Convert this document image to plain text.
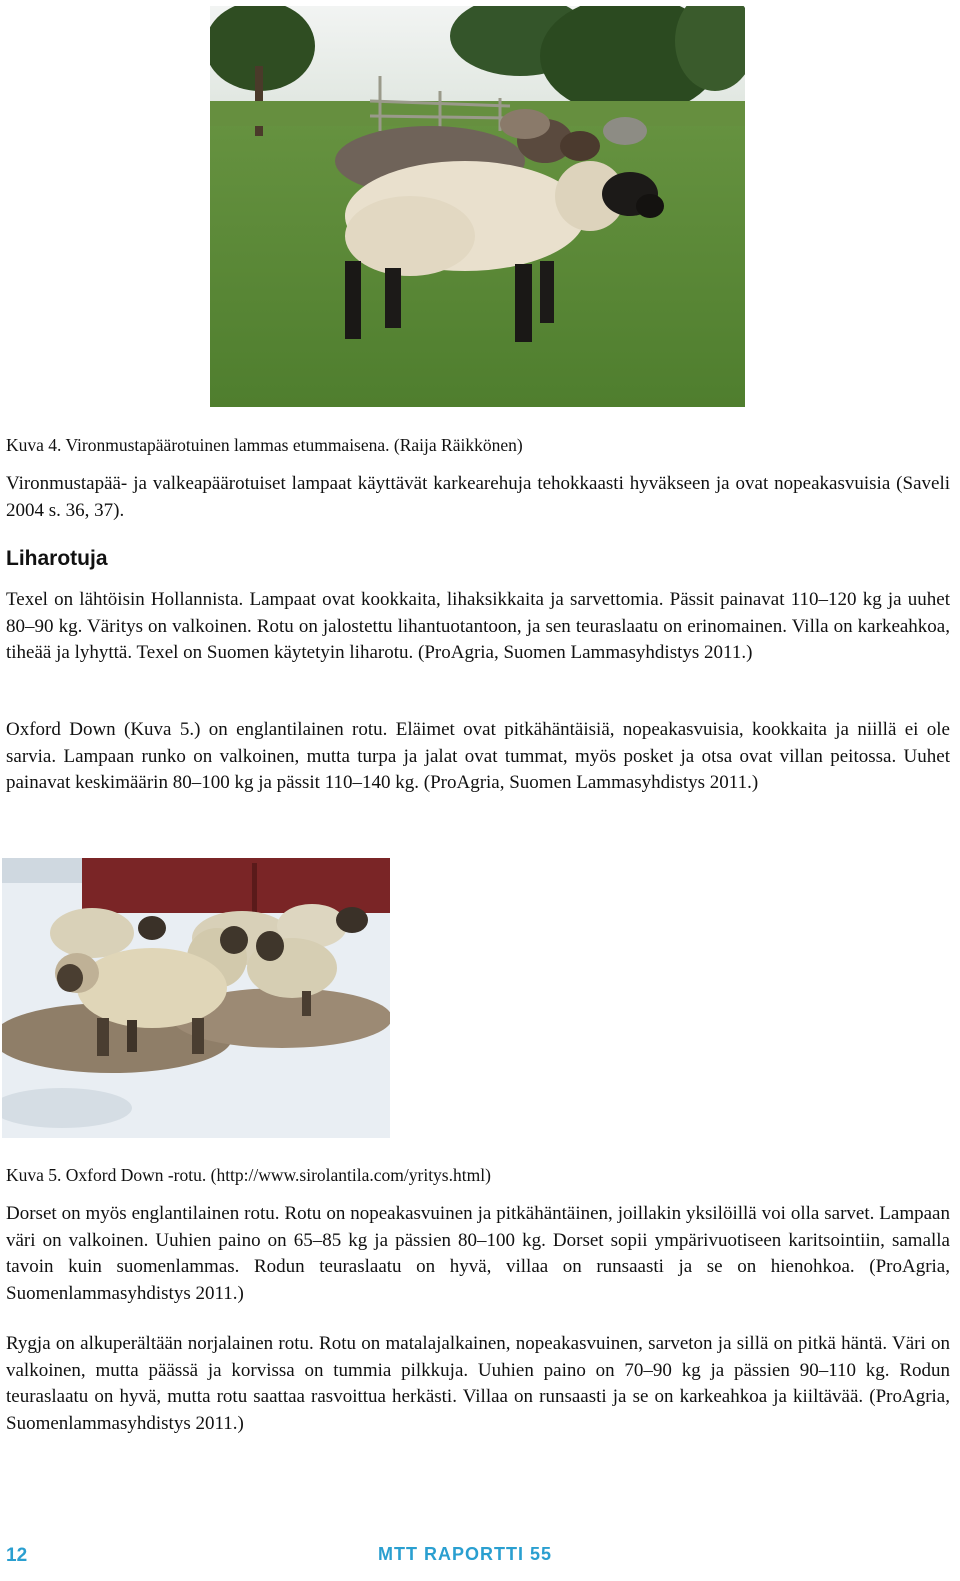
Kuva 4. Vironmustapäärotuinen lammas etummaisena. (Raija Räikkönen)

Vironmustapää- ja valkeapäärotuiset lampaat käyttävät karkearehuja tehokkaasti hyväkseen ja ovat nopeakasvuisia (Saveli 2004 s. 36, 37).

Liharotuja

Texel on lähtöisin Hollannista. Lampaat ovat kookkaita, lihaksikkaita ja sarvettomia. Pässit painavat 110–120 kg ja uuhet 80–90 kg. Väritys on valkoinen. Rotu on jalostettu lihantuotantoon, ja sen teuraslaatu on erinomainen. Villa on karkeahkoa, tiheää ja lyhyttä. Texel on Suomen käytetyin liharotu. (ProAgria, Suomen Lammasyhdistys 2011.)

Oxford Down (Kuva 5.) on englantilainen rotu. Eläimet ovat pitkähäntäisiä, nopeakasvuisia, kookkaita ja niillä ei ole sarvia. Lampaan runko on valkoinen, mutta turpa ja jalat ovat tummat, myös posket ja otsa ovat villan peitossa. Uuhet painavat keskimäärin 80–100 kg ja pässit 110–140 kg. (ProAgria, Suomen Lammasyhdistys 2011.)

Kuva 5. Oxford Down -rotu. (http://www.sirolantila.com/yritys.html)

Dorset on myös englantilainen rotu. Rotu on nopeakasvuinen ja pitkähäntäinen, joillakin yksilöillä voi olla sarvet. Lampaan väri on valkoinen. Uuhien paino on 65–85 kg ja pässien 80–100 kg. Dorset sopii ympärivuotiseen karitsointiin, samalla tavoin kuin suomenlammas. Rodun teuraslaatu on hyvä, villaa on runsaasti ja se on hienohkoa. (ProAgria, Suomenlammasyhdistys 2011.)

Rygja on alkuperältään norjalainen rotu. Rotu on matalajalkainen, nopeakasvuinen, sarveton ja sillä on pitkä häntä. Väri on valkoinen, mutta päässä ja korvissa on tummia pilkkuja. Uuhien paino on 70–90 kg ja pässien 90–110 kg. Rodun teuraslaatu on hyvä, mutta rotu saattaa rasvoittua herkästi. Villaa on runsaasti ja se on karkeahkoa ja kiiltävää. (ProAgria, Suomenlammasyhdistys 2011.)

12	MTT RAPORTTI 55
